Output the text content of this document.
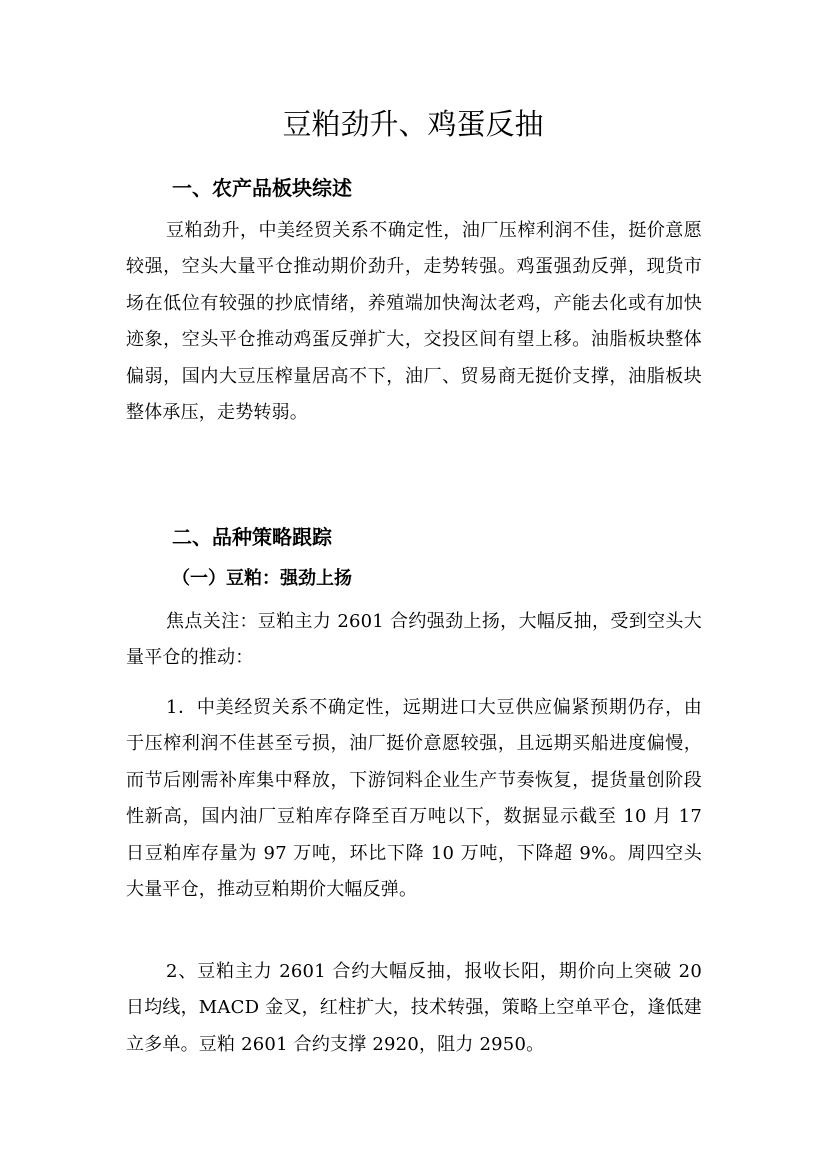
豆粕劲升、鸡蛋反抽
一、农产品板块综述

豆粕劲升，中美经贸关系不确定性，油厂压榨利润不佳，挺价意愿较强，空头大量平仓推动期价劲升，走势转强。鸡蛋强劲反弹，现货市场在低位有较强的抄底情绪，养殖端加快淘汰老鸡，产能去化或有加快迹象，空头平仓推动鸡蛋反弹扩大，交投区间有望上移。油脂板块整体偏弱，国内大豆压榨量居高不下，油厂、贸易商无挺价支撑，油脂板块整体承压，走势转弱。

二、品种策略跟踪
（一）豆粕：强劲上扬

焦点关注：豆粕主力 2601 合约强劲上扬，大幅反抽，受到空头大量平仓的推动：

1．中美经贸关系不确定性，远期进口大豆供应偏紧预期仍存，由于压榨利润不佳甚至亏损，油厂挺价意愿较强，且远期买船进度偏慢，而节后刚需补库集中释放，下游饲料企业生产节奏恢复，提货量创阶段性新高，国内油厂豆粕库存降至百万吨以下，数据显示截至 10 月 17 日豆粕库存量为 97 万吨，环比下降 10 万吨，下降超 9%。周四空头大量平仓，推动豆粕期价大幅反弹。

2、豆粕主力 2601 合约大幅反抽，报收长阳，期价向上突破 20 日均线，MACD 金叉，红柱扩大，技术转强，策略上空单平仓，逢低建立多单。豆粕 2601 合约支撑 2920，阻力 2950。
